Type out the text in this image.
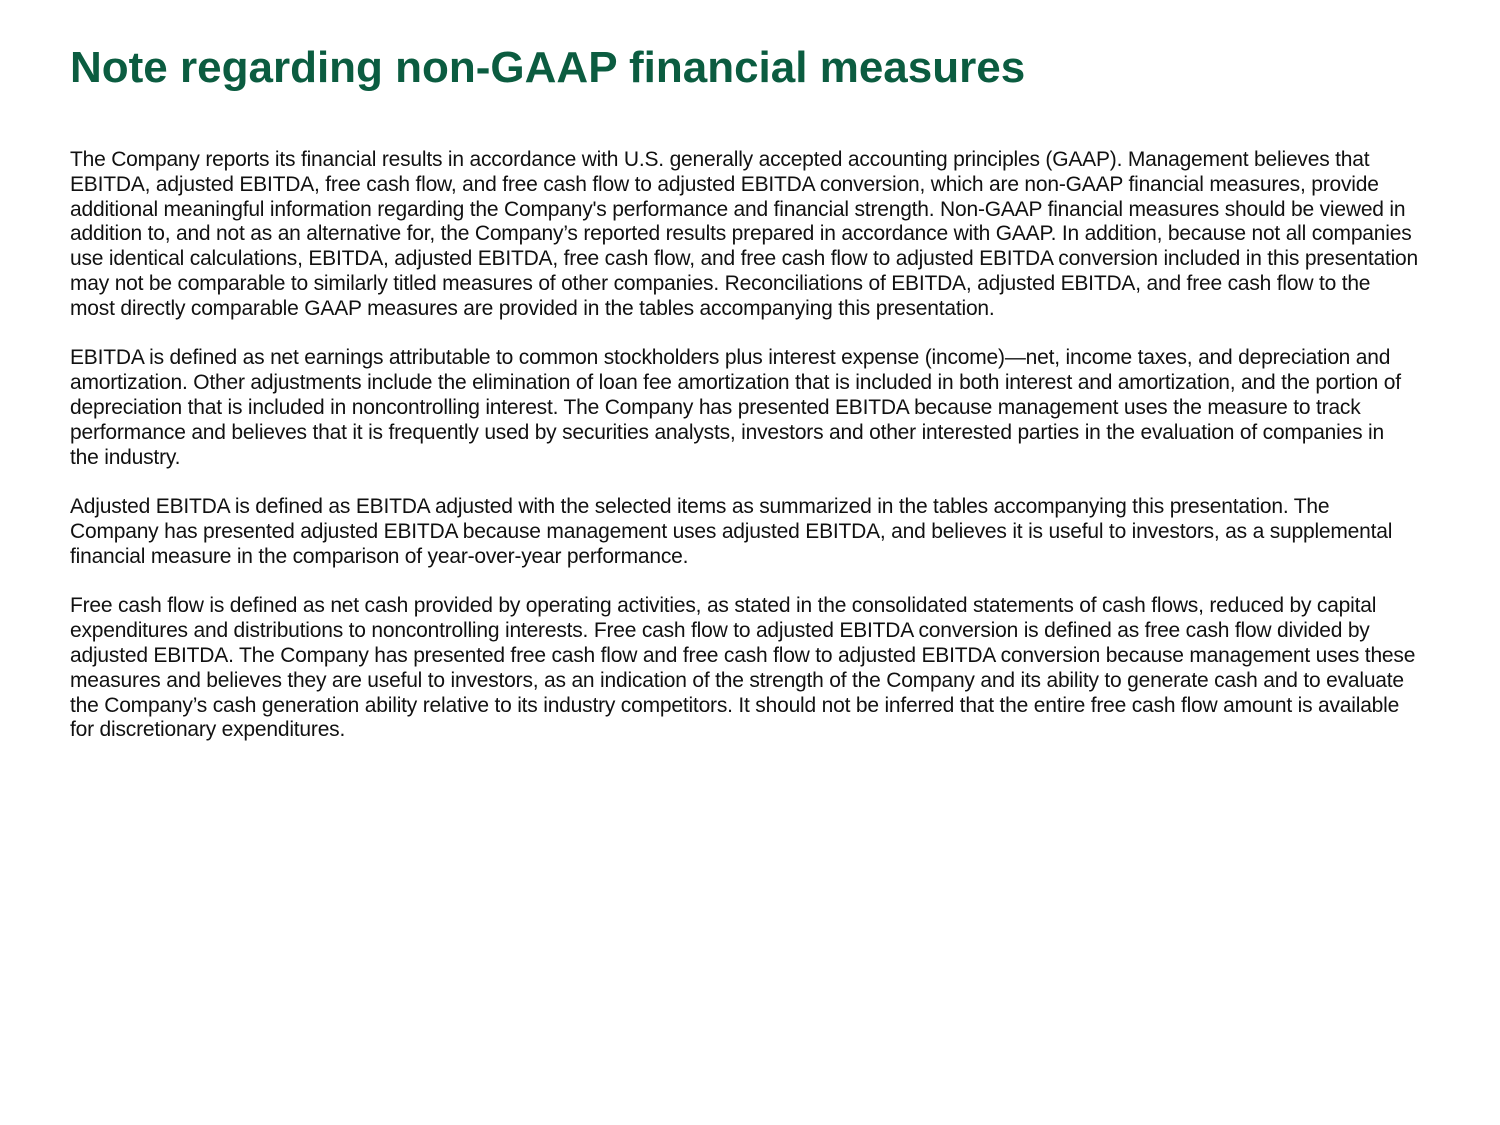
Note regarding non-GAAP financial measures

The Company reports its financial results in accordance with U.S. generally accepted accounting principles (GAAP). Management believes that EBITDA, adjusted EBITDA, free cash flow, and free cash flow to adjusted EBITDA conversion, which are non-GAAP financial measures, provide additional meaningful information regarding the Company's performance and financial strength. Non-GAAP financial measures should be viewed in addition to, and not as an alternative for, the Company’s reported results prepared in accordance with GAAP. In addition, because not all companies use identical calculations, EBITDA, adjusted EBITDA, free cash flow, and free cash flow to adjusted EBITDA conversion included in this presentation may not be comparable to similarly titled measures of other companies. Reconciliations of EBITDA, adjusted EBITDA, and free cash flow to the most directly comparable GAAP measures are provided in the tables accompanying this presentation.

EBITDA is defined as net earnings attributable to common stockholders plus interest expense (income)—net, income taxes, and depreciation and amortization. Other adjustments include the elimination of loan fee amortization that is included in both interest and amortization, and the portion of depreciation that is included in noncontrolling interest. The Company has presented EBITDA because management uses the measure to track performance and believes that it is frequently used by securities analysts, investors and other interested parties in the evaluation of companies in the industry.

Adjusted EBITDA is defined as EBITDA adjusted with the selected items as summarized in the tables accompanying this presentation. The Company has presented adjusted EBITDA because management uses adjusted EBITDA, and believes it is useful to investors, as a supplemental financial measure in the comparison of year-over-year performance.

Free cash flow is defined as net cash provided by operating activities, as stated in the consolidated statements of cash flows, reduced by capital expenditures and distributions to noncontrolling interests. Free cash flow to adjusted EBITDA conversion is defined as free cash flow divided by adjusted EBITDA. The Company has presented free cash flow and free cash flow to adjusted EBITDA conversion because management uses these measures and believes they are useful to investors, as an indication of the strength of the Company and its ability to generate cash and to evaluate the Company’s cash generation ability relative to its industry competitors. It should not be inferred that the entire free cash flow amount is available for discretionary expenditures.
